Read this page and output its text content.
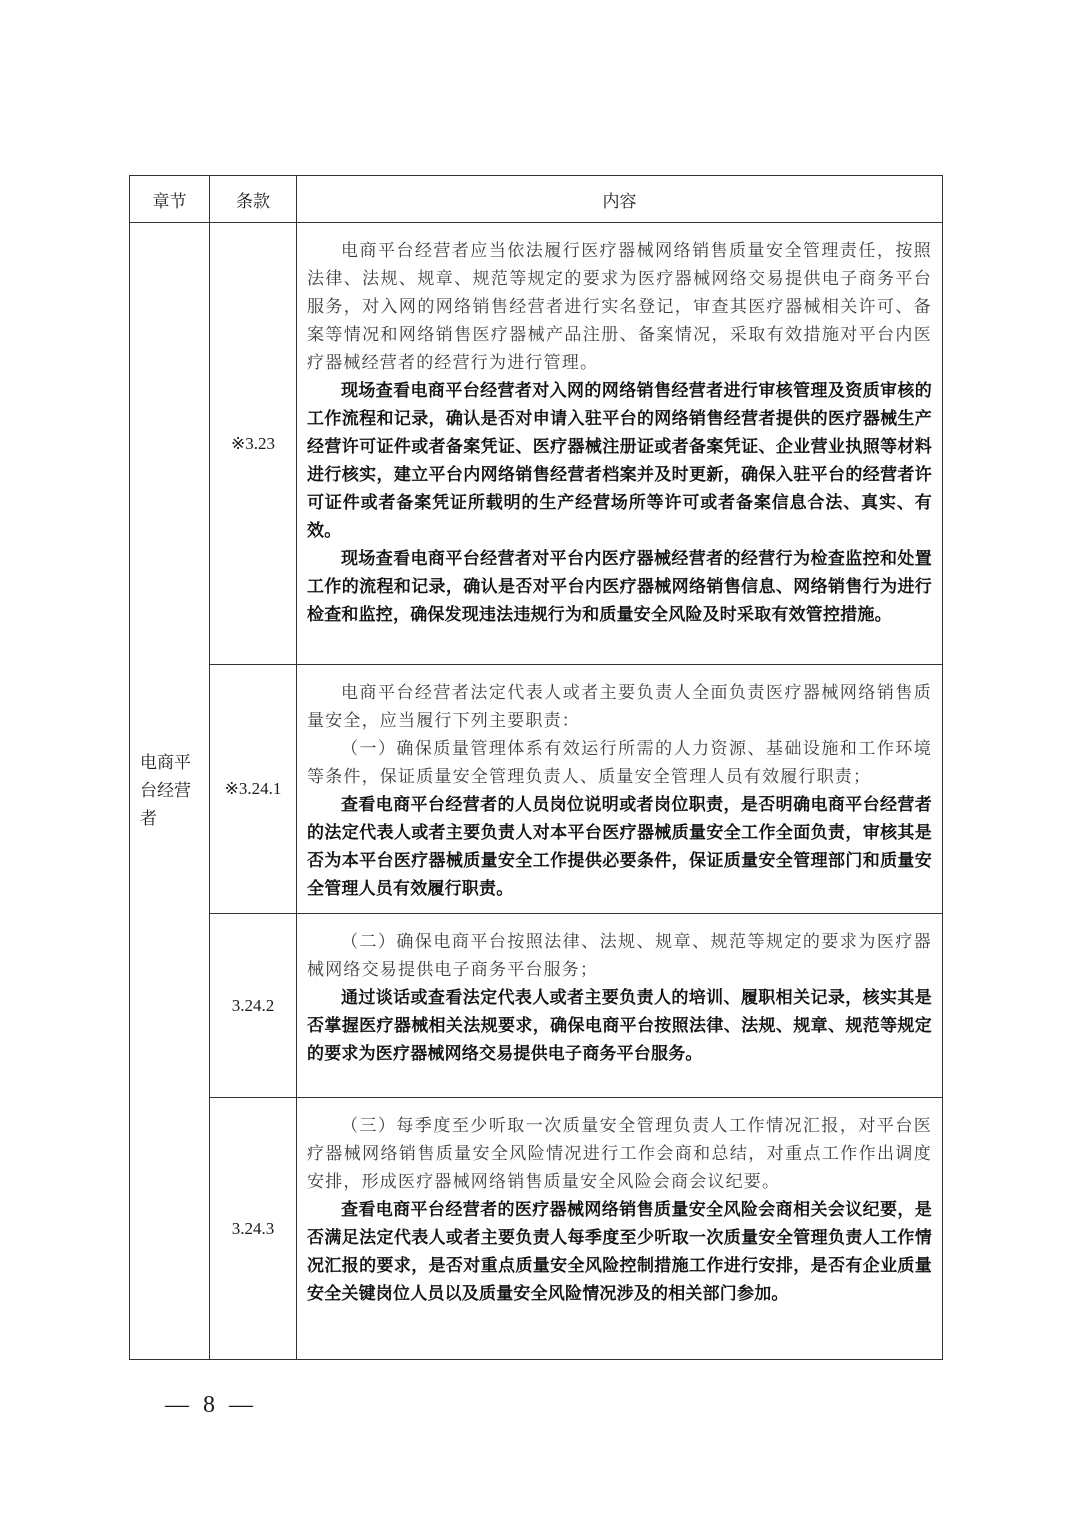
章节	条款	内容
电商平台经营者	※3.23	电商平台经营者应当依法履行医疗器械网络销售质量安全管理责任，按照法律、法规、规章、规范等规定的要求为医疗器械网络交易提供电子商务平台服务，对入网的网络销售经营者进行实名登记，审查其医疗器械相关许可、备案等情况和网络销售医疗器械产品注册、备案情况，采取有效措施对平台内医疗器械经营者的经营行为进行管理。

现场查看电商平台经营者对入网的网络销售经营者进行审核管理及资质审核的工作流程和记录，确认是否对申请入驻平台的网络销售经营者提供的医疗器械生产经营许可证件或者备案凭证、医疗器械注册证或者备案凭证、企业营业执照等材料进行核实，建立平台内网络销售经营者档案并及时更新，确保入驻平台的经营者许可证件或者备案凭证所载明的生产经营场所等许可或者备案信息合法、真实、有效。

现场查看电商平台经营者对平台内医疗器械经营者的经营行为检查监控和处置工作的流程和记录，确认是否对平台内医疗器械网络销售信息、网络销售行为进行检查和监控，确保发现违法违规行为和质量安全风险及时采取有效管控措施。

	※3.24.1	电商平台经营者法定代表人或者主要负责人全面负责医疗器械网络销售质量安全，应当履行下列主要职责：

（一）确保质量管理体系有效运行所需的人力资源、基础设施和工作环境等条件，保证质量安全管理负责人、质量安全管理人员有效履行职责；

查看电商平台经营者的人员岗位说明或者岗位职责，是否明确电商平台经营者的法定代表人或者主要负责人对本平台医疗器械质量安全工作全面负责，审核其是否为本平台医疗器械质量安全工作提供必要条件，保证质量安全管理部门和质量安全管理人员有效履行职责。

	3.24.2	（二）确保电商平台按照法律、法规、规章、规范等规定的要求为医疗器械网络交易提供电子商务平台服务；

通过谈话或查看法定代表人或者主要负责人的培训、履职相关记录，核实其是否掌握医疗器械相关法规要求，确保电商平台按照法律、法规、规章、规范等规定的要求为医疗器械网络交易提供电子商务平台服务。

	3.24.3	（三）每季度至少听取一次质量安全管理负责人工作情况汇报，对平台医疗器械网络销售质量安全风险情况进行工作会商和总结，对重点工作作出调度安排，形成医疗器械网络销售质量安全风险会商会议纪要。

查看电商平台经营者的医疗器械网络销售质量安全风险会商相关会议纪要，是否满足法定代表人或者主要负责人每季度至少听取一次质量安全管理负责人工作情况汇报的要求，是否对重点质量安全风险控制措施工作进行安排，是否有企业质量安全关键岗位人员以及质量安全风险情况涉及的相关部门参加。

— 8 —
